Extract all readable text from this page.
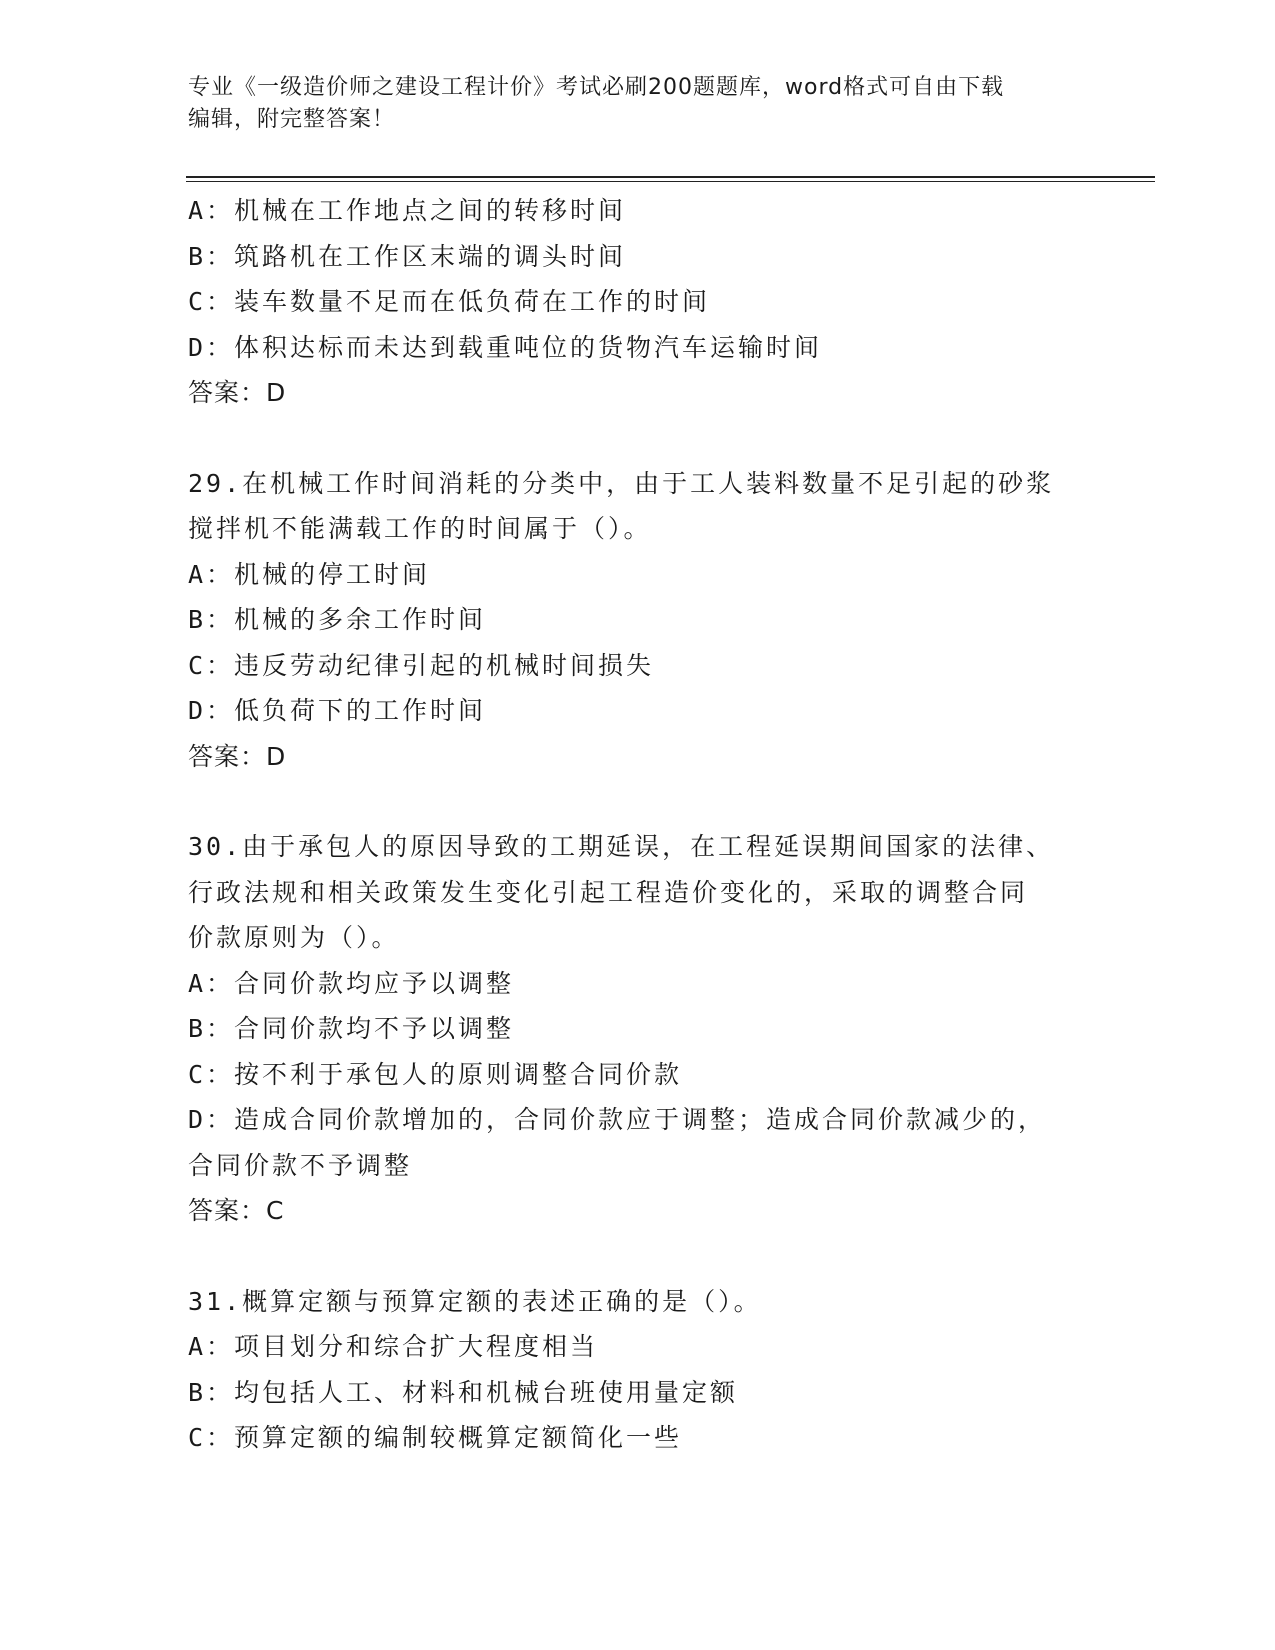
专业《一级造价师之建设工程计价》考试必刷200题题库，word格式可自由下载
编辑，附完整答案！
A：机械在工作地点之间的转移时间
B：筑路机在工作区末端的调头时间
C：装车数量不足而在低负荷在工作的时间
D：体积达标而未达到载重吨位的货物汽车运输时间
答案：D
29.在机械工作时间消耗的分类中，由于工人装料数量不足引起的砂浆
搅拌机不能满载工作的时间属于（）。
A：机械的停工时间
B：机械的多余工作时间
C：违反劳动纪律引起的机械时间损失
D：低负荷下的工作时间
答案：D
30.由于承包人的原因导致的工期延误，在工程延误期间国家的法律、
行政法规和相关政策发生变化引起工程造价变化的，采取的调整合同
价款原则为（）。
A：合同价款均应予以调整
B：合同价款均不予以调整
C：按不利于承包人的原则调整合同价款
D：造成合同价款增加的，合同价款应于调整；造成合同价款减少的，
合同价款不予调整
答案：C
31.概算定额与预算定额的表述正确的是（）。
A：项目划分和综合扩大程度相当
B：均包括人工、材料和机械台班使用量定额
C：预算定额的编制较概算定额简化一些
